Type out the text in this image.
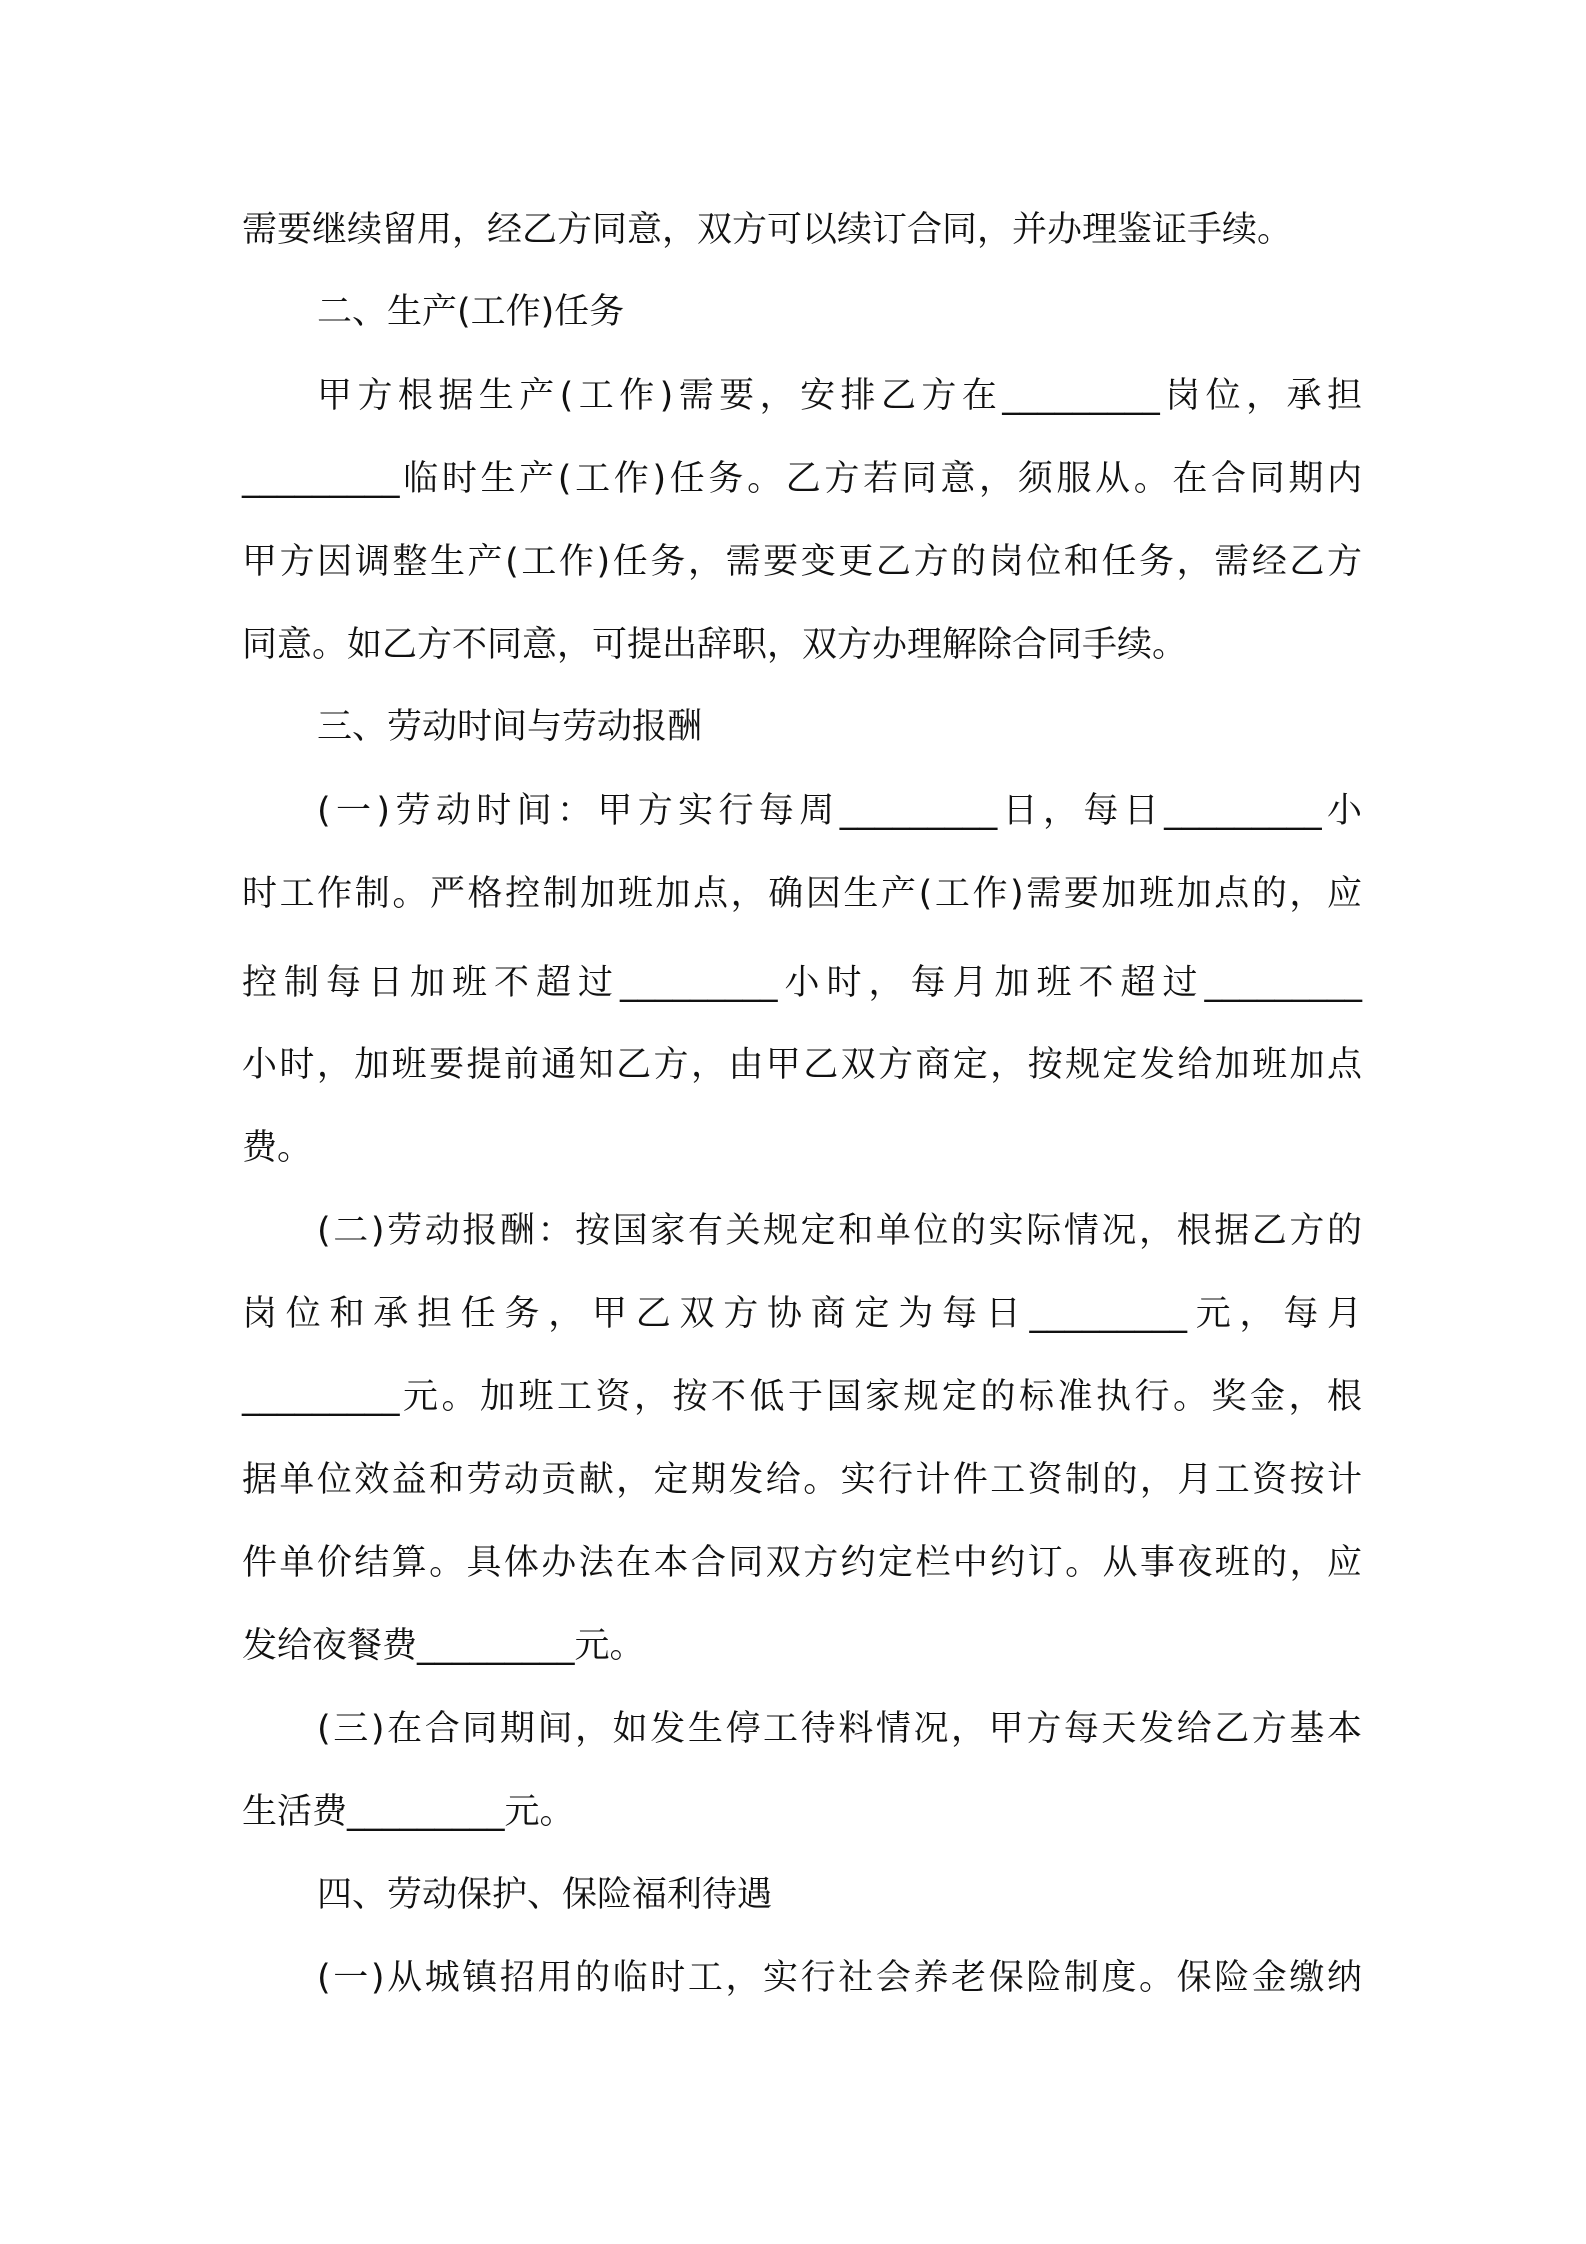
需要继续留用，经乙方同意，双方可以续订合同，并办理鉴证手续。
二、生产(工作)任务
甲方根据生产(工作)需要，安排乙方在_________岗位，承担
_________临时生产(工作)任务。乙方若同意，须服从。在合同期内
甲方因调整生产(工作)任务，需要变更乙方的岗位和任务，需经乙方
同意。如乙方不同意，可提出辞职，双方办理解除合同手续。
三、劳动时间与劳动报酬
(一)劳动时间：甲方实行每周_________日，每日_________小
时工作制。严格控制加班加点，确因生产(工作)需要加班加点的，应
控制每日加班不超过_________小时，每月加班不超过_________
小时，加班要提前通知乙方，由甲乙双方商定，按规定发给加班加点
费。
(二)劳动报酬：按国家有关规定和单位的实际情况，根据乙方的
岗位和承担任务，甲乙双方协商定为每日_________元，每月
_________元。加班工资，按不低于国家规定的标准执行。奖金，根
据单位效益和劳动贡献，定期发给。实行计件工资制的，月工资按计
件单价结算。具体办法在本合同双方约定栏中约订。从事夜班的，应
发给夜餐费_________元。
(三)在合同期间，如发生停工待料情况，甲方每天发给乙方基本
生活费_________元。
四、劳动保护、保险福利待遇
(一)从城镇招用的临时工，实行社会养老保险制度。保险金缴纳
